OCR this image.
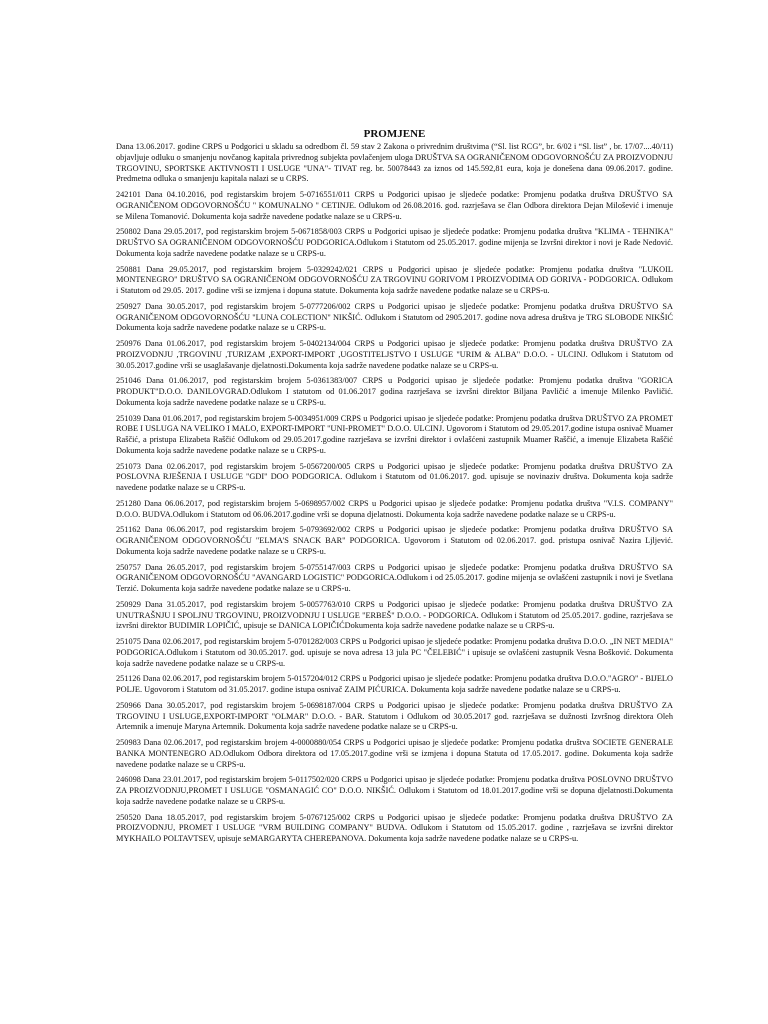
PROMJENE

Dana 13.06.2017. godine CRPS u Podgorici u skladu sa odredbom čl. 59 stav 2 Zakona o privrednim društvima (“Sl. list RCG”, br. 6/02 i “Sl. list” , br. 17/07....40/11) objavljuje odluku o smanjenju novčanog kapitala privrednog subjekta povlačenjem uloga DRUŠTVA SA OGRANIČENOM ODGOVORNOŠĆU ZA PROIZVODNJU TRGOVINU, SPORTSKE AKTIVNOSTI I USLUGE "UNA"- TIVAT reg. br. 50078443 za iznos od 145.592,81 eura, koja je donešena dana 09.06.2017. godine. Predmetna odluka o smanjenju kapitala nalazi se u CRPS.

242101 Dana 04.10.2016, pod registarskim brojem 5-0716551/011 CRPS u Podgorici upisao je sljedeće podatke: Promjenu podatka društva DRUŠTVO SA OGRANIČENOM ODGOVORNOŠĆU " KOMUNALNO " CETINJE. Odlukom od 26.08.2016. god. razrješava se član Odbora direktora Dejan Milošević i imenuje se Milena Tomanović. Dokumenta koja sadrže navedene podatke nalaze se u CRPS-u.

250802 Dana 29.05.2017, pod registarskim brojem 5-0671858/003 CRPS u Podgorici upisao je sljedeće podatke: Promjenu podatka društva "KLIMA - TEHNIKA" DRUŠTVO SA OGRANIČENOM ODGOVORNOŠĆU PODGORICA.Odlukom i Statutom od 25.05.2017. godine mijenja se Izvršni direktor i novi je Rade Nedović. Dokumenta koja sadrže navedene podatke nalaze se u CRPS-u.

250881 Dana 29.05.2017, pod registarskim brojem 5-0329242/021 CRPS u Podgorici upisao je sljedeće podatke: Promjenu podatka društva "LUKOIL MONTENEGRO" DRUŠTVO SA OGRANIČENOM ODGOVORNOŠĆU ZA TRGOVINU GORIVOM I PROIZVODIMA OD GORIVA - PODGORICA. Odlukom i Statutom od 29.05. 2017. godine vrši se izmjena i dopuna statute. Dokumenta koja sadrže navedene podatke nalaze se u CRPS-u.

250927 Dana 30.05.2017, pod registarskim brojem 5-0777206/002 CRPS u Podgorici upisao je sljedeće podatke: Promjenu podatka društva DRUŠTVO SA OGRANIČENOM ODGOVORNOŠĆU "LUNA COLECTION" NIKŠIĆ. Odlukom i Statutom od 2905.2017. godine nova adresa društva je TRG SLOBODE NIKŠIĆ Dokumenta koja sadrže navedene podatke nalaze se u CRPS-u.

250976 Dana 01.06.2017, pod registarskim brojem 5-0402134/004 CRPS u Podgorici upisao je sljedeće podatke: Promjenu podatka društva DRUŠTVO ZA PROIZVODNJU ,TRGOVINU ,TURIZAM ,EXPORT-IMPORT ,UGOSTITELJSTVO I USLUGE "URIM & ALBA" D.O.O. - ULCINJ. Odlukom i Statutom od 30.05.2017.godine vrši se usaglašavanje djelatnosti.Dokumenta koja sadrže navedene podatke nalaze se u CRPS-u.

251046 Dana 01.06.2017, pod registarskim brojem 5-0361383/007 CRPS u Podgorici upisao je sljedeće podatke: Promjenu podatka društva "GORICA PRODUKT"D.O.O. DANILOVGRAD.Odlukom I statutom od 01.06.2017 godina razrješava se izvršni direktor Biljana Pavličić a imenuje Milenko Pavličić. Dokumenta koja sadrže navedene podatke nalaze se u CRPS-u.

251039 Dana 01.06.2017, pod registarskim brojem 5-0034951/009 CRPS u Podgorici upisao je sljedeće podatke: Promjenu podatka društva DRUŠTVO ZA PROMET ROBE I USLUGA NA VELIKO I MALO, EXPORT-IMPORT "UNI-PROMET" D.O.O. ULCINJ. Ugovorom i Statutom od 29.05.2017.godine istupa osnivač Muamer Raščić, a pristupa Elizabeta Raščić Odlukom od 29.05.2017.godine razrješava se izvršni direktor i ovlašćeni zastupnik Muamer Raščić, a imenuje Elizabeta Raščić Dokumenta koja sadrže navedene podatke nalaze se u CRPS-u.

251073 Dana 02.06.2017, pod registarskim brojem 5-0567200/005 CRPS u Podgorici upisao je sljedeće podatke: Promjenu podatka društva DRUŠTVO ZA POSLOVNA RJEŠENJA I USLUGE "GDI" DOO PODGORICA. Odlukom i Statutom od 01.06.2017. god. upisuje se novinaziv društva. Dokumenta koja sadrže navedene podatke nalaze se u CRPS-u.

251280 Dana 06.06.2017, pod registarskim brojem 5-0698957/002 CRPS u Podgorici upisao je sljedeće podatke: Promjenu podatka društva "V.I.S. COMPANY" D.O.O. BUDVA.Odlukom i Statutom od 06.06.2017.godine vrši se dopuna djelatnosti. Dokumenta koja sadrže navedene podatke nalaze se u CRPS-u.

251162 Dana 06.06.2017, pod registarskim brojem 5-0793692/002 CRPS u Podgorici upisao je sljedeće podatke: Promjenu podatka društva DRUŠTVO SA OGRANIČENOM ODGOVORNOŠĆU "ELMA'S SNACK BAR" PODGORICA. Ugovorom i Statutom od 02.06.2017. god. pristupa osnivač Nazira Ljljević. Dokumenta koja sadrže navedene podatke nalaze se u CRPS-u.

250757 Dana 26.05.2017, pod registarskim brojem 5-0755147/003 CRPS u Podgorici upisao je sljedeće podatke: Promjenu podatka društva DRUŠTVO SA OGRANIČENOM ODGOVORNOŠĆU "AVANGARD LOGISTIC" PODGORICA.Odlukom i od 25.05.2017. godine mijenja se ovlašćeni zastupnik i novi je Svetlana Terzić. Dokumenta koja sadrže navedene podatke nalaze se u CRPS-u.

250929 Dana 31.05.2017, pod registarskim brojem 5-0057763/010 CRPS u Podgorici upisao je sljedeće podatke: Promjenu podatka društva DRUŠTVO ZA UNUTRAŠNJU I SPOLJNU TRGOVINU, PROIZVODNJU I USLUGE "ERBEŠ" D.O.O. - PODGORICA. Odlukom i Statutom od 25.05.2017. godine, razrješava se izvršni direktor BUDIMIR LOPIČIĆ, upisuje se DANICA LOPIČIĆDokumenta koja sadrže navedene podatke nalaze se u CRPS-u.

251075 Dana 02.06.2017, pod registarskim brojem 5-0701282/003 CRPS u Podgorici upisao je sljedeće podatke: Promjenu podatka društva D.O.O. „IN NET MEDIA" PODGORICA.Odlukom i Statutom od 30.05.2017. god. upisuje se nova adresa 13 jula PC "ČELEBIĆ" i upisuje se ovlašćeni zastupnik Vesna Bošković. Dokumenta koja sadrže navedene podatke nalaze se u CRPS-u.

251126 Dana 02.06.2017, pod registarskim brojem 5-0157204/012 CRPS u Podgorici upisao je sljedeće podatke: Promjenu podatka društva D.O.O."AGRO" - BIJELO POLJE. Ugovorom i Statutom od 31.05.2017. godine istupa osnivač ZAIM PIĆURICA. Dokumenta koja sadrže navedene podatke nalaze se u CRPS-u.

250966 Dana 30.05.2017, pod registarskim brojem 5-0698187/004 CRPS u Podgorici upisao je sljedeće podatke: Promjenu podatka društva DRUŠTVO ZA TRGOVINU I USLUGE,EXPORT-IMPORT "OLMAR" D.O.O. - BAR. Statutom i Odlukom od 30.05.2017 god. razrješava se dužnosti Izvršnog direktora Oleh Artemnik a imenuje Maryna Artemnik. Dokumenta koja sadrže navedene podatke nalaze se u CRPS-u.

250983 Dana 02.06.2017, pod registarskim brojem 4-0000880/054 CRPS u Podgorici upisao je sljedeće podatke: Promjenu podatka društva SOCIETE GENERALE BANKA MONTENEGRO AD.Odlukom Odbora direktora od 17.05.2017.godine vrši se izmjena i dopuna Statuta od 17.05.2017. godine. Dokumenta koja sadrže navedene podatke nalaze se u CRPS-u.

246098 Dana 23.01.2017, pod registarskim brojem 5-0117502/020 CRPS u Podgorici upisao je sljedeće podatke: Promjenu podatka društva POSLOVNO DRUŠTVO ZA PROIZVODNJU,PROMET I USLUGE "OSMANAGIĆ CO" D.O.O. NIKŠIĆ. Odlukom i Statutom od 18.01.2017.godine vrši se dopuna djelatnosti.Dokumenta koja sadrže navedene podatke nalaze se u CRPS-u.

250520 Dana 18.05.2017, pod registarskim brojem 5-0767125/002 CRPS u Podgorici upisao je sljedeće podatke: Promjenu podatka društva DRUŠTVO ZA PROIZVODNJU, PROMET I USLUGE "VRM BUILDING COMPANY" BUDVA. Odlukom i Statutom od 15.05.2017. godine , razrješava se izvršni direktor MYKHAILO POLTAVTSEV, upisuje seMARGARYTA CHEREPANOVA. Dokumenta koja sadrže navedene podatke nalaze se u CRPS-u.
